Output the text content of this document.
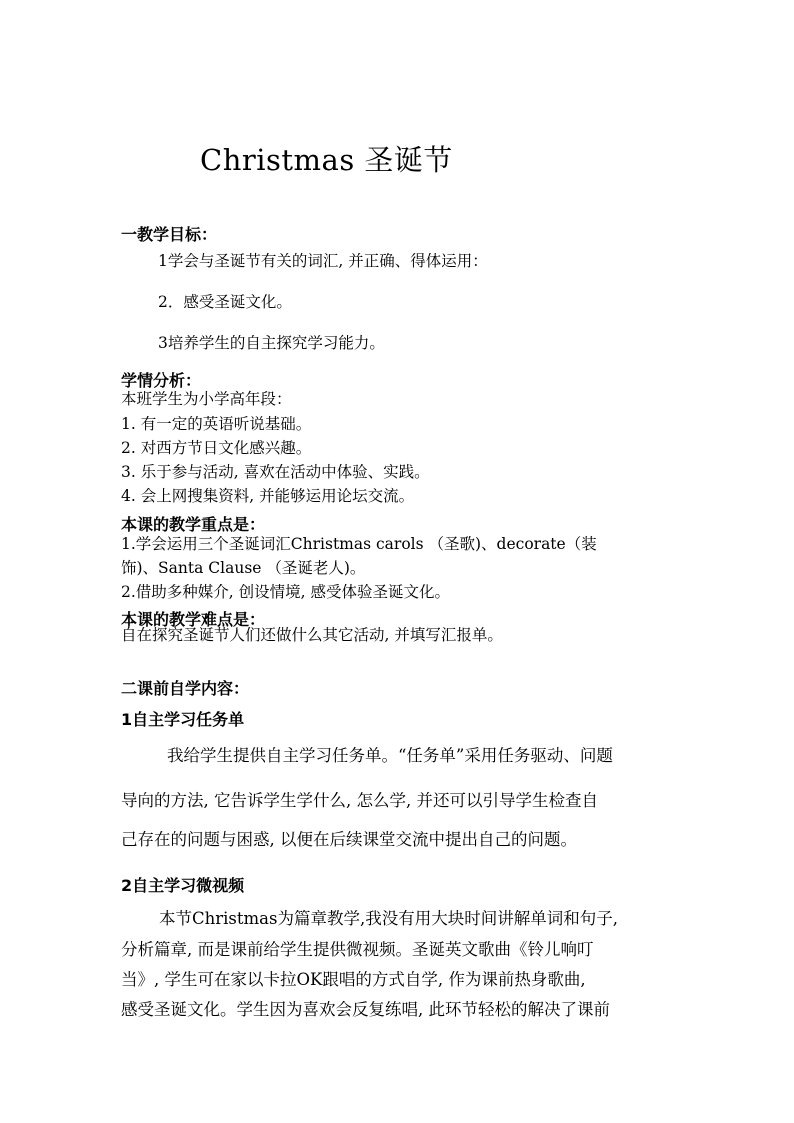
Christmas 圣诞节
一教学目标：
1学会与圣诞节有关的词汇, 并正确、得体运用：
2．感受圣诞文化。
3培养学生的自主探究学习能力。
学情分析：
本班学生为小学高年段：
1. 有一定的英语听说基础。
2. 对西方节日文化感兴趣。
3. 乐于参与活动, 喜欢在活动中体验、实践。
4. 会上网搜集资料, 并能够运用论坛交流。
本课的教学重点是：
1.学会运用三个圣诞词汇Christmas carols （圣歌)、decorate（装
饰)、Santa Clause （圣诞老人)。
2.借助多种媒介, 创设情境, 感受体验圣诞文化。
本课的教学难点是：
自在探究圣诞节人们还做什么其它活动, 并填写汇报单。
二课前自学内容：
1自主学习任务单
我给学生提供自主学习任务单。“任务单”采用任务驱动、问题
导向的方法, 它告诉学生学什么, 怎么学, 并还可以引导学生检查自
己存在的问题与困惑, 以便在后续课堂交流中提出自己的问题。
2自主学习微视频
本节Christmas为篇章教学,我没有用大块时间讲解单词和句子,
分析篇章, 而是课前给学生提供微视频。圣诞英文歌曲《铃儿响叮
当》, 学生可在家以卡拉OK跟唱的方式自学, 作为课前热身歌曲,
感受圣诞文化。学生因为喜欢会反复练唱, 此环节轻松的解决了课前
